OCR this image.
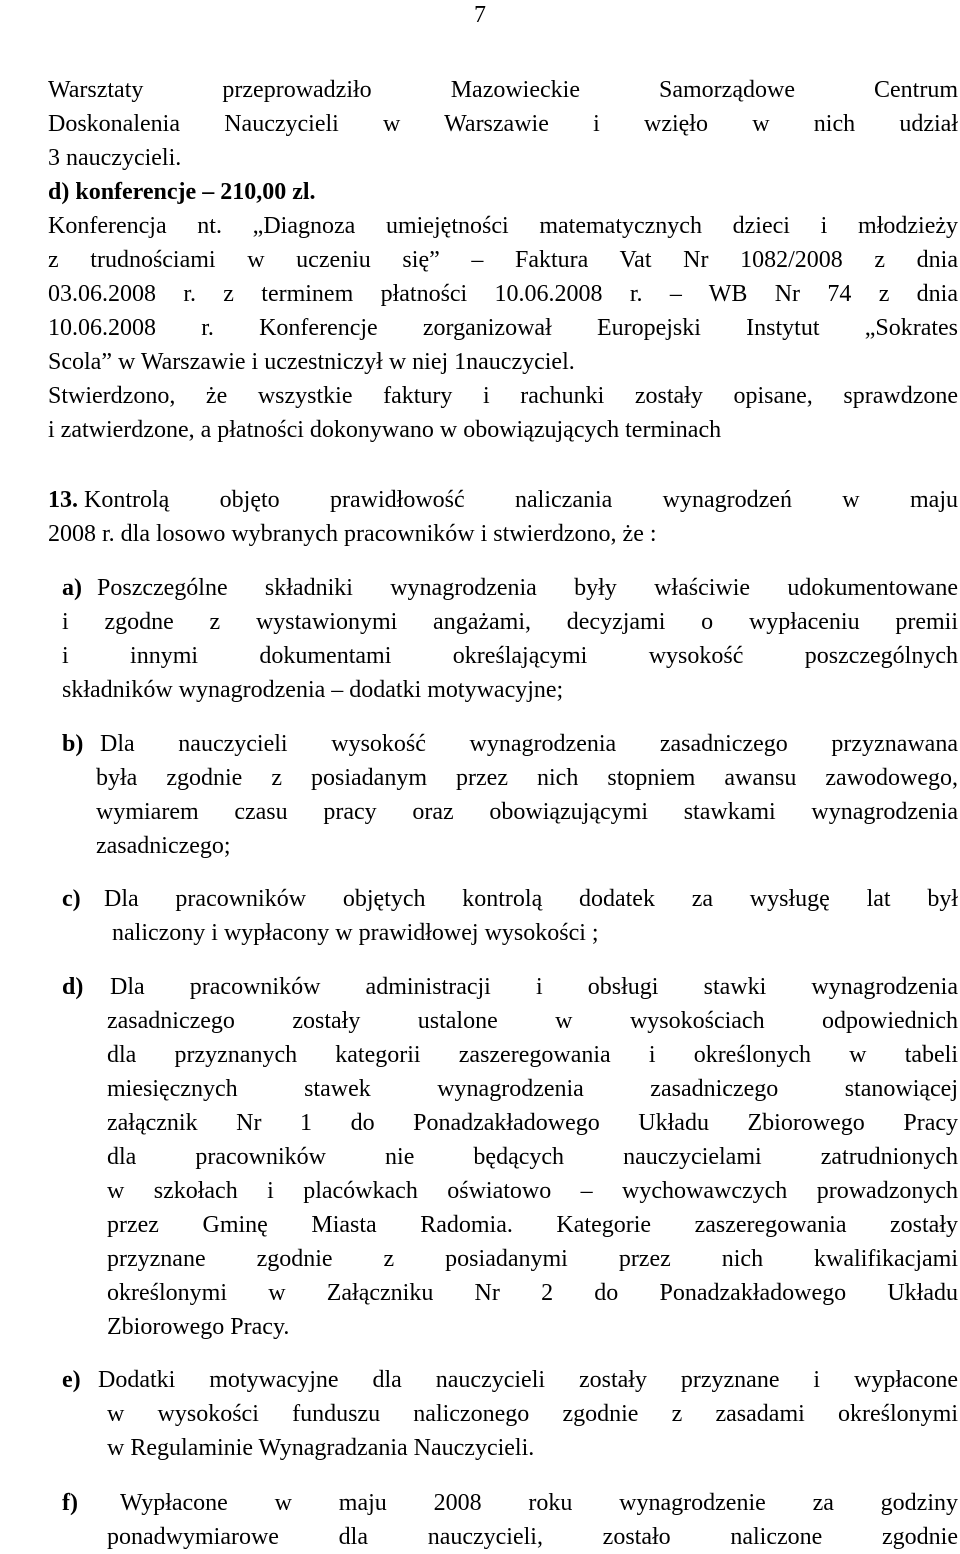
7
Warsztaty przeprowadziło Mazowieckie Samorządowe Centrum
Doskonalenia Nauczycieli w Warszawie i wzięło w nich udział
3 nauczycieli.
d) konferencje – 210,00 zl.
Konferencja nt. „Diagnoza umiejętności matematycznych dzieci i młodzieży
z trudnościami w uczeniu się” – Faktura Vat Nr 1082/2008 z dnia
03.06.2008 r. z terminem płatności 10.06.2008 r. – WB Nr 74 z dnia
10.06.2008 r. Konferencje zorganizował Europejski Instytut „Sokrates
Scola” w Warszawie i uczestniczył w niej 1nauczyciel.
Stwierdzono, że wszystkie faktury i rachunki zostały opisane, sprawdzone
i zatwierdzone, a płatności dokonywano w obowiązujących terminach
13. Kontrolą objęto prawidłowość naliczania wynagrodzeń w maju
2008 r. dla losowo wybranych pracowników i stwierdzono, że :
a) Poszczególne składniki wynagrodzenia były właściwie udokumentowane
i zgodne z wystawionymi angażami, decyzjami o wypłaceniu premii
i innymi dokumentami określającymi wysokość poszczególnych
składników wynagrodzenia – dodatki motywacyjne;
b) Dla nauczycieli wysokość wynagrodzenia zasadniczego przyznawana
była zgodnie z posiadanym przez nich stopniem awansu zawodowego,
wymiarem czasu pracy oraz obowiązującymi stawkami wynagrodzenia
zasadniczego;
c) Dla pracowników objętych kontrolą dodatek za wysługę lat był
naliczony i wypłacony w prawidłowej wysokości ;
d) Dla pracowników administracji i obsługi stawki wynagrodzenia
zasadniczego zostały ustalone w wysokościach odpowiednich
dla przyznanych kategorii zaszeregowania i określonych w tabeli
miesięcznych stawek wynagrodzenia zasadniczego stanowiącej
załącznik Nr 1 do Ponadzakładowego Układu Zbiorowego Pracy
dla pracowników nie będących nauczycielami zatrudnionych
w szkołach i placówkach oświatowo – wychowawczych prowadzonych
przez Gminę Miasta Radomia. Kategorie zaszeregowania zostały
przyznane zgodnie z posiadanymi przez nich kwalifikacjami
określonymi w Załączniku Nr 2 do Ponadzakładowego Układu
Zbiorowego Pracy.
e) Dodatki motywacyjne dla nauczycieli zostały przyznane i wypłacone
w wysokości funduszu naliczonego zgodnie z zasadami określonymi
w Regulaminie Wynagradzania Nauczycieli.
f) Wypłacone w maju 2008 roku wynagrodzenie za godziny
ponadwymiarowe dla nauczycieli, zostało naliczone zgodnie
